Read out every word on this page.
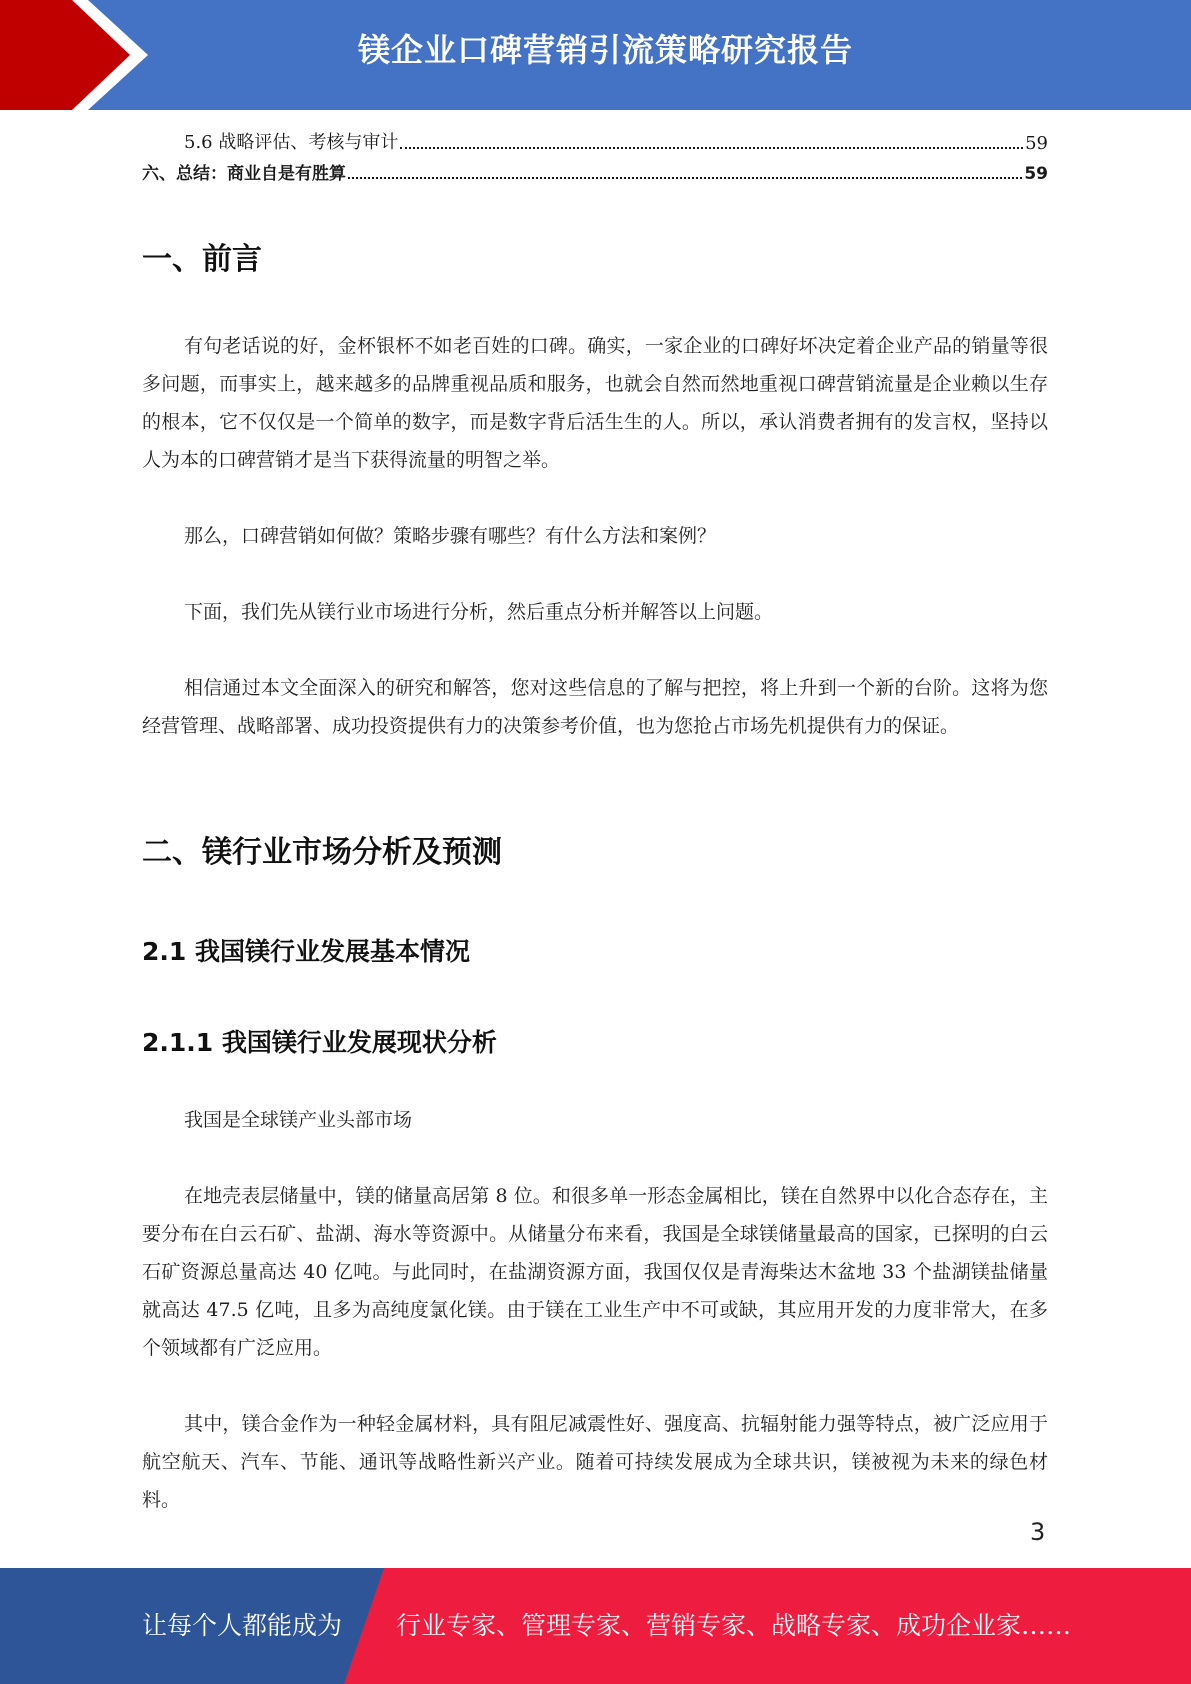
镁企业口碑营销引流策略研究报告
5.6 战略评估、考核与审计	59
六、总结：商业自是有胜算	59
一、前言
有句老话说的好，金杯银杯不如老百姓的口碑。确实，一家企业的口碑好坏决定着企业产品的销量等很多问题，而事实上，越来越多的品牌重视品质和服务，也就会自然而然地重视口碑营销流量是企业赖以生存的根本，它不仅仅是一个简单的数字，而是数字背后活生生的人。所以，承认消费者拥有的发言权，坚持以人为本的口碑营销才是当下获得流量的明智之举。
那么，口碑营销如何做？策略步骤有哪些？有什么方法和案例？
下面，我们先从镁行业市场进行分析，然后重点分析并解答以上问题。
相信通过本文全面深入的研究和解答，您对这些信息的了解与把控，将上升到一个新的台阶。这将为您经营管理、战略部署、成功投资提供有力的决策参考价值，也为您抢占市场先机提供有力的保证。
二、镁行业市场分析及预测
2.1 我国镁行业发展基本情况
2.1.1 我国镁行业发展现状分析
我国是全球镁产业头部市场
在地壳表层储量中，镁的储量高居第 8 位。和很多单一形态金属相比，镁在自然界中以化合态存在，主要分布在白云石矿、盐湖、海水等资源中。从储量分布来看，我国是全球镁储量最高的国家，已探明的白云石矿资源总量高达 40 亿吨。与此同时，在盐湖资源方面，我国仅仅是青海柴达木盆地 33 个盐湖镁盐储量就高达 47.5 亿吨，且多为高纯度氯化镁。由于镁在工业生产中不可或缺，其应用开发的力度非常大，在多个领域都有广泛应用。
其中，镁合金作为一种轻金属材料，具有阻尼减震性好、强度高、抗辐射能力强等特点，被广泛应用于航空航天、汽车、节能、通讯等战略性新兴产业。随着可持续发展成为全球共识，镁被视为未来的绿色材料。
3
让每个人都能成为 行业专家、管理专家、营销专家、战略专家、成功企业家……
